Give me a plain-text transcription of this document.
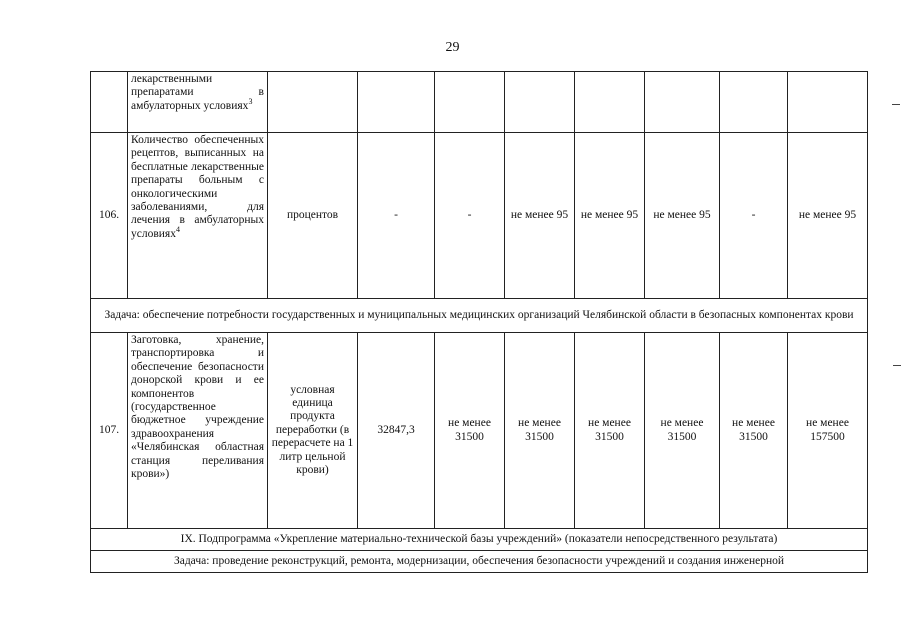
29
	лекарственными препаратами в амбулаторных условиях$^3$								
106.	Количество обеспеченных рецептов, выписанных на бесплатные лекарственные препараты больным с онкологическими заболеваниями, для лечения в амбулаторных условиях$^4$	процентов	-	-	не менее 95	не менее 95	не менее 95	-	не менее 95
Задача: обеспечение потребности государственных и муниципальных медицинских организаций Челябинской области в безопасных компонентах крови									
107.	Заготовка, хранение, транспортировка и обеспечение безопасности донорской крови и ее компонентов (государственное бюджетное учреждение здравоохранения «Челябинская областная станция переливания крови»)	условная единица продукта переработки (в перерасчете на 1 литр цельной крови)	32847,3	не менее 31500	не менее 31500	не менее 31500	не менее 31500	не менее 31500	не менее 157500
IX. Подпрограмма «Укрепление материально-технической базы учреждений» (показатели непосредственного результата)									
Задача: проведение реконструкций, ремонта, модернизации, обеспечения безопасности учреждений и создания инженерной									
